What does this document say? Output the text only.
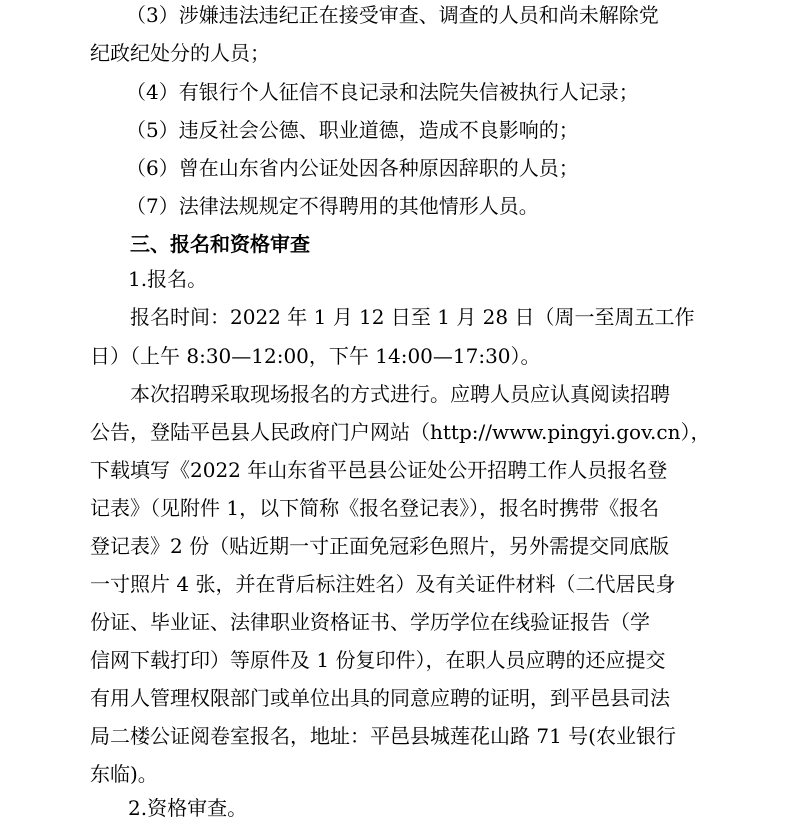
（3）涉嫌违法违纪正在接受审查、调查的人员和尚未解除党
纪政纪处分的人员；
（4）有银行个人征信不良记录和法院失信被执行人记录；
（5）违反社会公德、职业道德，造成不良影响的；
（6）曾在山东省内公证处因各种原因辞职的人员；
（7）法律法规规定不得聘用的其他情形人员。
三、报名和资格审查
1.报名。
报名时间：2022 年 1 月 12 日至 1 月 28 日（周一至周五工作
日）（上午 8:30—12:00，下午 14:00—17:30）。
本次招聘采取现场报名的方式进行。应聘人员应认真阅读招聘
公告，登陆平邑县人民政府门户网站（http://www.pingyi.gov.cn），
下载填写《2022 年山东省平邑县公证处公开招聘工作人员报名登
记表》（见附件 1，以下简称《报名登记表》），报名时携带《报名
登记表》2 份（贴近期一寸正面免冠彩色照片，另外需提交同底版
一寸照片 4 张，并在背后标注姓名）及有关证件材料（二代居民身
份证、毕业证、法律职业资格证书、学历学位在线验证报告（学
信网下载打印）等原件及 1 份复印件），在职人员应聘的还应提交
有用人管理权限部门或单位出具的同意应聘的证明，到平邑县司法
局二楼公证阅卷室报名，地址：平邑县城莲花山路 71 号(农业银行
东临)。
2.资格审查。
